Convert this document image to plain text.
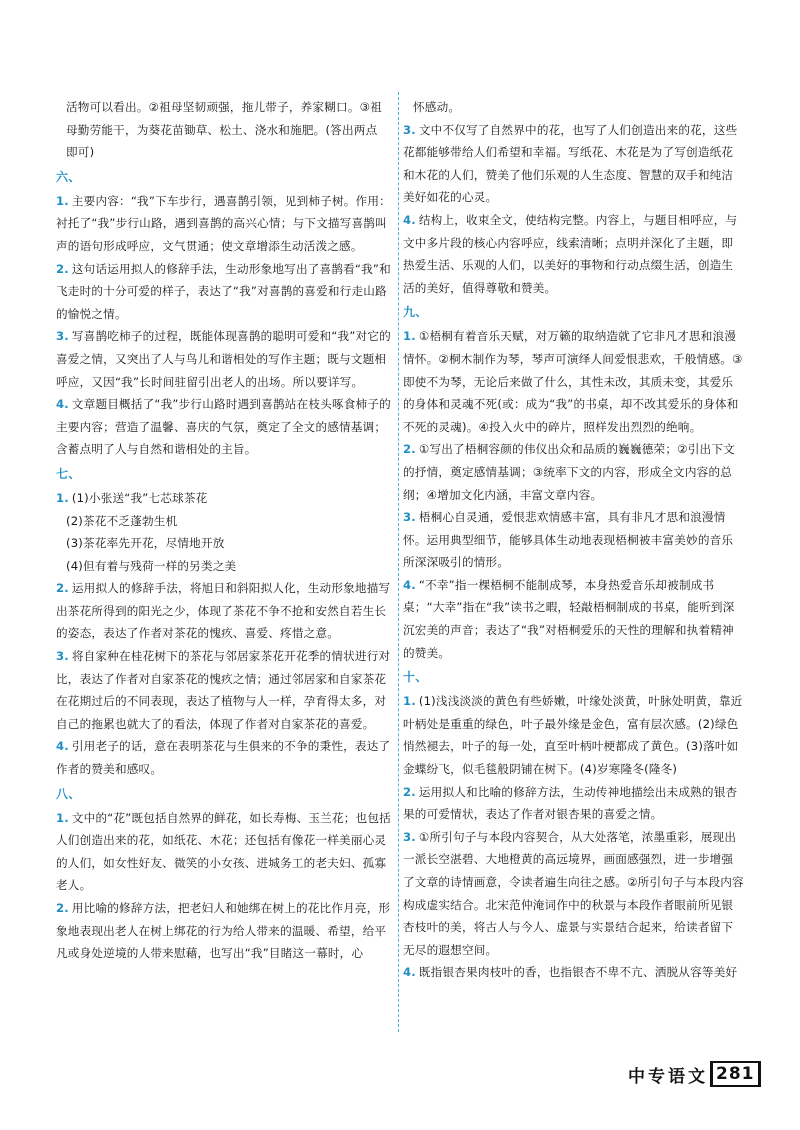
活物可以看出。②祖母坚韧顽强，拖儿带子，养家糊口。③祖
母勤劳能干，为葵花苗锄草、松土、浇水和施肥。(答出两点
即可)
六、
1. 主要内容：“我”下车步行，遇喜鹊引领，见到柿子树。作用：衬托了“我”步行山路，遇到喜鹊的高兴心情；与下文描写喜鹊叫声的语句形成呼应，文气贯通；使文章增添生动活泼之感。
2. 这句话运用拟人的修辞手法，生动形象地写出了喜鹊看“我”和飞走时的十分可爱的样子，表达了“我”对喜鹊的喜爱和行走山路的愉悦之情。
3. 写喜鹊吃柿子的过程，既能体现喜鹊的聪明可爱和“我”对它的喜爱之情，又突出了人与鸟儿和谐相处的写作主题；既与文题相呼应，又因“我”长时间驻留引出老人的出场。所以要详写。
4. 文章题目概括了“我”步行山路时遇到喜鹊站在枝头啄食柿子的主要内容；营造了温馨、喜庆的气氛，奠定了全文的感情基调；含蓄点明了人与自然和谐相处的主旨。
七、
1. (1)小张送“我”七芯球茶花
(2)茶花不乏蓬勃生机
(3)茶花率先开花，尽情地开放
(4)但有着与残荷一样的另类之美
2. 运用拟人的修辞手法，将旭日和斜阳拟人化，生动形象地描写出茶花所得到的阳光之少，体现了茶花不争不抢和安然自若生长的姿态，表达了作者对茶花的愧疚、喜爱、疼惜之意。
3. 将自家种在桂花树下的茶花与邻居家茶花开花季的情状进行对比，表达了作者对自家茶花的愧疚之情；通过邻居家和自家茶花在花期过后的不同表现，表达了植物与人一样，孕育得太多，对自己的拖累也就大了的看法，体现了作者对自家茶花的喜爱。
4. 引用老子的话，意在表明茶花与生俱来的不争的秉性，表达了作者的赞美和感叹。
八、
1. 文中的“花”既包括自然界的鲜花，如长寿梅、玉兰花；也包括人们创造出来的花，如纸花、木花；还包括有像花一样美丽心灵的人们，如女性好友、微笑的小女孩、进城务工的老夫妇、孤寡老人。
2. 用比喻的修辞方法，把老妇人和她绑在树上的花比作月亮，形象地表现出老人在树上绑花的行为给人带来的温暖、希望，给平凡或身处逆境的人带来慰藉，也写出“我”目睹这一幕时，心
怀感动。
3. 文中不仅写了自然界中的花，也写了人们创造出来的花，这些花都能够带给人们希望和幸福。写纸花、木花是为了写创造纸花和木花的人们，赞美了他们乐观的人生态度、智慧的双手和纯洁美好如花的心灵。
4. 结构上，收束全文，使结构完整。内容上，与题目相呼应，与文中多片段的核心内容呼应，线索清晰；点明并深化了主题，即热爱生活、乐观的人们，以美好的事物和行动点缀生活，创造生活的美好，值得尊敬和赞美。
九、
1. ①梧桐有着音乐天赋，对万籁的取纳造就了它非凡才思和浪漫情怀。②桐木制作为琴，琴声可演绎人间爱恨悲欢，千般情感。③即使不为琴，无论后来做了什么，其性未改，其质未变，其爱乐的身体和灵魂不死(或：成为“我”的书桌，却不改其爱乐的身体和不死的灵魂)。④投入火中的碎片，照样发出烈烈的绝响。
2. ①写出了梧桐容颜的伟仪出众和品质的巍巍德荣；②引出下文的抒情，奠定感情基调；③统率下文的内容，形成全文内容的总纲；④增加文化内涵，丰富文章内容。
3. 梧桐心自灵通，爱恨悲欢情感丰富，具有非凡才思和浪漫情怀。运用典型细节，能够具体生动地表现梧桐被丰富美妙的音乐所深深吸引的情形。
4. “不幸”指一棵梧桐不能制成琴，本身热爱音乐却被制成书桌；“大幸”指在“我”读书之暇，轻敲梧桐制成的书桌，能听到深沉宏美的声音；表达了“我”对梧桐爱乐的天性的理解和执着精神的赞美。
十、
1. (1)浅浅淡淡的黄色有些娇嫩，叶缘处淡黄，叶脉处明黄，靠近叶柄处是重重的绿色，叶子最外缘是金色，富有层次感。(2)绿色悄然褪去，叶子的每一处，直至叶柄叶梗都成了黄色。(3)落叶如金蝶纷飞，似毛毯般阴铺在树下。(4)岁寒隆冬(隆冬)
2. 运用拟人和比喻的修辞方法，生动传神地描绘出未成熟的银杏果的可爱情状，表达了作者对银杏果的喜爱之情。
3. ①所引句子与本段内容契合，从大处落笔，浓墨重彩，展现出一派长空湛碧、大地橙黄的高远境界，画面感强烈，进一步增强了文章的诗情画意，令读者遍生向往之感。②所引句子与本段内容构成虚实结合。北宋范仲淹词作中的秋景与本段作者眼前所见银杏枝叶的美，将古人与今人、虚景与实景结合起来，给读者留下无尽的遐想空间。
4. 既指银杏果肉枝叶的香，也指银杏不卑不亢、洒脱从容等美好
中专语文 281
